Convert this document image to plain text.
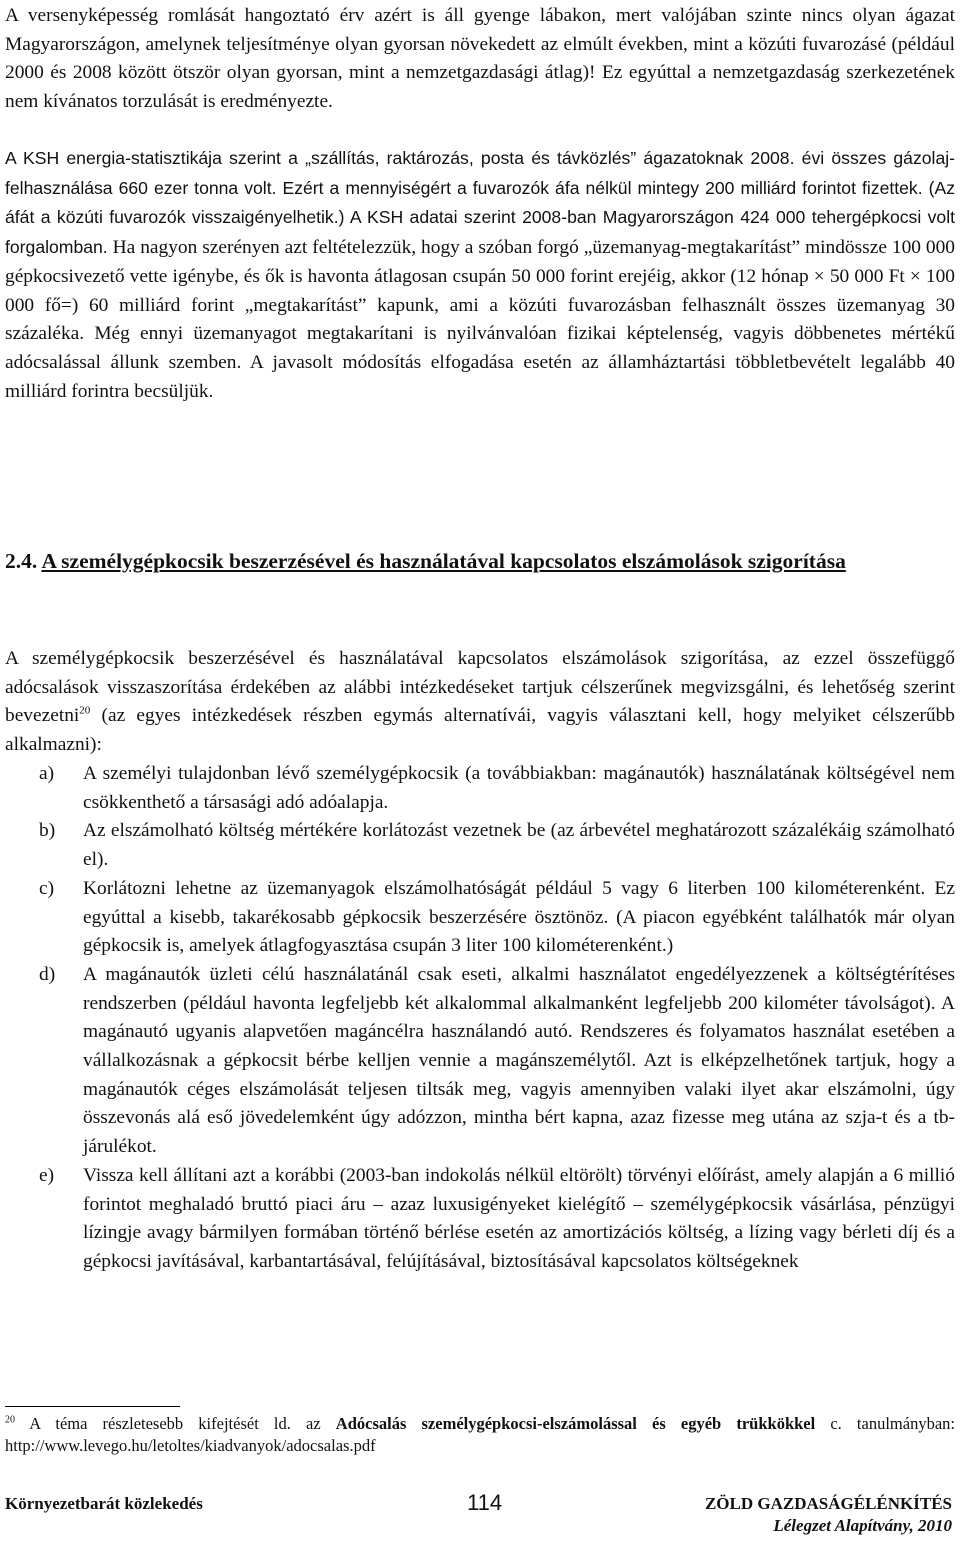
A versenyképesség romlását hangoztató érv azért is áll gyenge lábakon, mert valójában szinte nincs olyan ágazat Magyarországon, amelynek teljesítménye olyan gyorsan növekedett az elmúlt években, mint a közúti fuvarozásé (például 2000 és 2008 között ötször olyan gyorsan, mint a nemzetgazdasági átlag)! Ez egyúttal a nemzetgazdaság szerkezetének nem kívánatos torzulását is eredményezte.

A KSH energia-statisztikája szerint a „szállítás, raktározás, posta és távközlés” ágazatoknak 2008. évi összes gázolaj-felhasználása 660 ezer tonna volt. Ezért a mennyiségért a fuvarozók áfa nélkül mintegy 200 milliárd forintot fizettek. (Az áfát a közúti fuvarozók visszaigényelhetik.) A KSH adatai szerint 2008-ban Magyarországon 424 000 tehergépkocsi volt forgalomban. Ha nagyon szerényen azt feltételezzük, hogy a szóban forgó „üzemanyag-megtakarítást” mindössze 100 000 gépkocsivezető vette igénybe, és ők is havonta átlagosan csupán 50 000 forint erejéig, akkor (12 hónap × 50 000 Ft × 100 000 fő=) 60 milliárd forint „megtakarítást” kapunk, ami a közúti fuvarozásban felhasznált összes üzemanyag 30 százaléka. Még ennyi üzemanyagot megtakarítani is nyilvánvalóan fizikai képtelenség, vagyis döbbenetes mértékű adócsalással állunk szemben. A javasolt módosítás elfogadása esetén az államháztartási többletbevételt legalább 40 milliárd forintra becsüljük.

2.4. A személygépkocsik beszerzésével és használatával kapcsolatos elszámolások szigorítása

A személygépkocsik beszerzésével és használatával kapcsolatos elszámolások szigorítása, az ezzel összefüggő adócsalások visszaszorítása érdekében az alábbi intézkedéseket tartjuk célszerűnek megvizsgálni, és lehetőség szerint bevezetni$^{20}$ (az egyes intézkedések részben egymás alternatívái, vagyis választani kell, hogy melyiket célszerűbb alkalmazni):

a) A személyi tulajdonban lévő személygépkocsik (a továbbiakban: magánautók) használatának költségével nem csökkenthető a társasági adó adóalapja.

b) Az elszámolható költség mértékére korlátozást vezetnek be (az árbevétel meghatározott százalékáig számolható el).

c) Korlátozni lehetne az üzemanyagok elszámolhatóságát például 5 vagy 6 literben 100 kilométerenként. Ez egyúttal a kisebb, takarékosabb gépkocsik beszerzésére ösztönöz. (A piacon egyébként találhatók már olyan gépkocsik is, amelyek átlagfogyasztása csupán 3 liter 100 kilométerenként.)

d) A magánautók üzleti célú használatánál csak eseti, alkalmi használatot engedélyezzenek a költségtérítéses rendszerben (például havonta legfeljebb két alkalommal alkalmanként legfeljebb 200 kilométer távolságot). A magánautó ugyanis alapvetően magáncélra használandó autó. Rendszeres és folyamatos használat esetében a vállalkozásnak a gépkocsit bérbe kelljen vennie a magánszemélytől. Azt is elképzelhetőnek tartjuk, hogy a magánautók céges elszámolását teljesen tiltsák meg, vagyis amennyiben valaki ilyet akar elszámolni, úgy összevonás alá eső jövedelemként úgy adózzon, mintha bért kapna, azaz fizesse meg utána az szja-t és a tb-járulékot.

e) Vissza kell állítani azt a korábbi (2003-ban indokolás nélkül eltörölt) törvényi előírást, amely alapján a 6 millió forintot meghaladó bruttó piaci áru – azaz luxusigényeket kielégítő – személygépkocsik vásárlása, pénzügyi lízingje avagy bármilyen formában történő bérlése esetén az amortizációs költség, a lízing vagy bérleti díj és a gépkocsi javításával, karbantartásával, felújításával, biztosításával kapcsolatos költségeknek

$^{20}$ A téma részletesebb kifejtését ld. az Adócsalás személygépkocsi-elszámolással és egyéb trükkökkel c. tanulmányban: http://www.levego.hu/letoltes/kiadvanyok/adocsalas.pdf

Környezetbarát közlekedés	114	ZÖLD GAZDASÁGÉLÉNKÍTÉS
Lélegzet Alapítvány, 2010
